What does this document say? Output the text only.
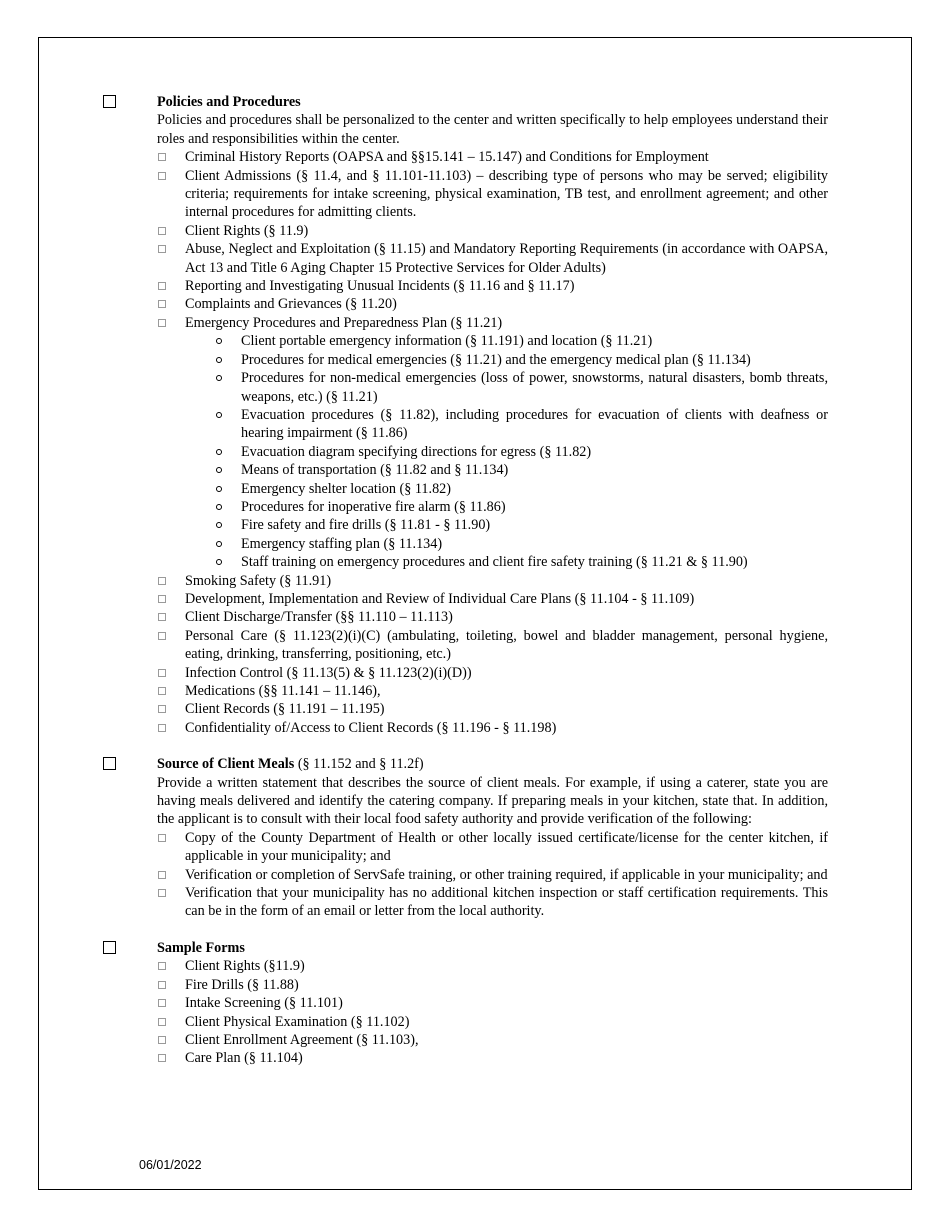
Policies and Procedures
Policies and procedures shall be personalized to the center and written specifically to help employees understand their roles and responsibilities within the center.
Criminal History Reports (OAPSA and §§15.141 – 15.147) and Conditions for Employment
Client Admissions (§ 11.4, and § 11.101-11.103) – describing type of persons who may be served; eligibility criteria; requirements for intake screening, physical examination, TB test, and enrollment agreement; and other internal procedures for admitting clients.
Client Rights (§ 11.9)
Abuse, Neglect and Exploitation (§ 11.15) and Mandatory Reporting Requirements (in accordance with OAPSA, Act 13 and Title 6 Aging Chapter 15 Protective Services for Older Adults)
Reporting and Investigating Unusual Incidents (§ 11.16 and § 11.17)
Complaints and Grievances (§ 11.20)
Emergency Procedures and Preparedness Plan (§ 11.21)
Client portable emergency information (§ 11.191) and location (§ 11.21)
Procedures for medical emergencies (§ 11.21) and the emergency medical plan (§ 11.134)
Procedures for non-medical emergencies (loss of power, snowstorms, natural disasters, bomb threats, weapons, etc.) (§ 11.21)
Evacuation procedures (§ 11.82), including procedures for evacuation of clients with deafness or hearing impairment (§ 11.86)
Evacuation diagram specifying directions for egress (§ 11.82)
Means of transportation (§ 11.82 and § 11.134)
Emergency shelter location (§ 11.82)
Procedures for inoperative fire alarm (§ 11.86)
Fire safety and fire drills (§ 11.81 - § 11.90)
Emergency staffing plan (§ 11.134)
Staff training on emergency procedures and client fire safety training (§ 11.21 & § 11.90)
Smoking Safety (§ 11.91)
Development, Implementation and Review of Individual Care Plans (§ 11.104 - § 11.109)
Client Discharge/Transfer (§§ 11.110 – 11.113)
Personal Care (§ 11.123(2)(i)(C) (ambulating, toileting, bowel and bladder management, personal hygiene, eating, drinking, transferring, positioning, etc.)
Infection Control (§ 11.13(5) & § 11.123(2)(i)(D))
Medications (§§ 11.141 – 11.146),
Client Records (§ 11.191 – 11.195)
Confidentiality of/Access to Client Records (§ 11.196 - § 11.198)
Source of Client Meals (§ 11.152 and § 11.2f)
Provide a written statement that describes the source of client meals. For example, if using a caterer, state you are having meals delivered and identify the catering company. If preparing meals in your kitchen, state that. In addition, the applicant is to consult with their local food safety authority and provide verification of the following:
Copy of the County Department of Health or other locally issued certificate/license for the center kitchen, if applicable in your municipality; and
Verification or completion of ServSafe training, or other training required, if applicable in your municipality; and
Verification that your municipality has no additional kitchen inspection or staff certification requirements. This can be in the form of an email or letter from the local authority.
Sample Forms
Client Rights (§11.9)
Fire Drills (§ 11.88)
Intake Screening (§ 11.101)
Client Physical Examination (§ 11.102)
Client Enrollment Agreement (§ 11.103),
Care Plan (§ 11.104)
06/01/2022
